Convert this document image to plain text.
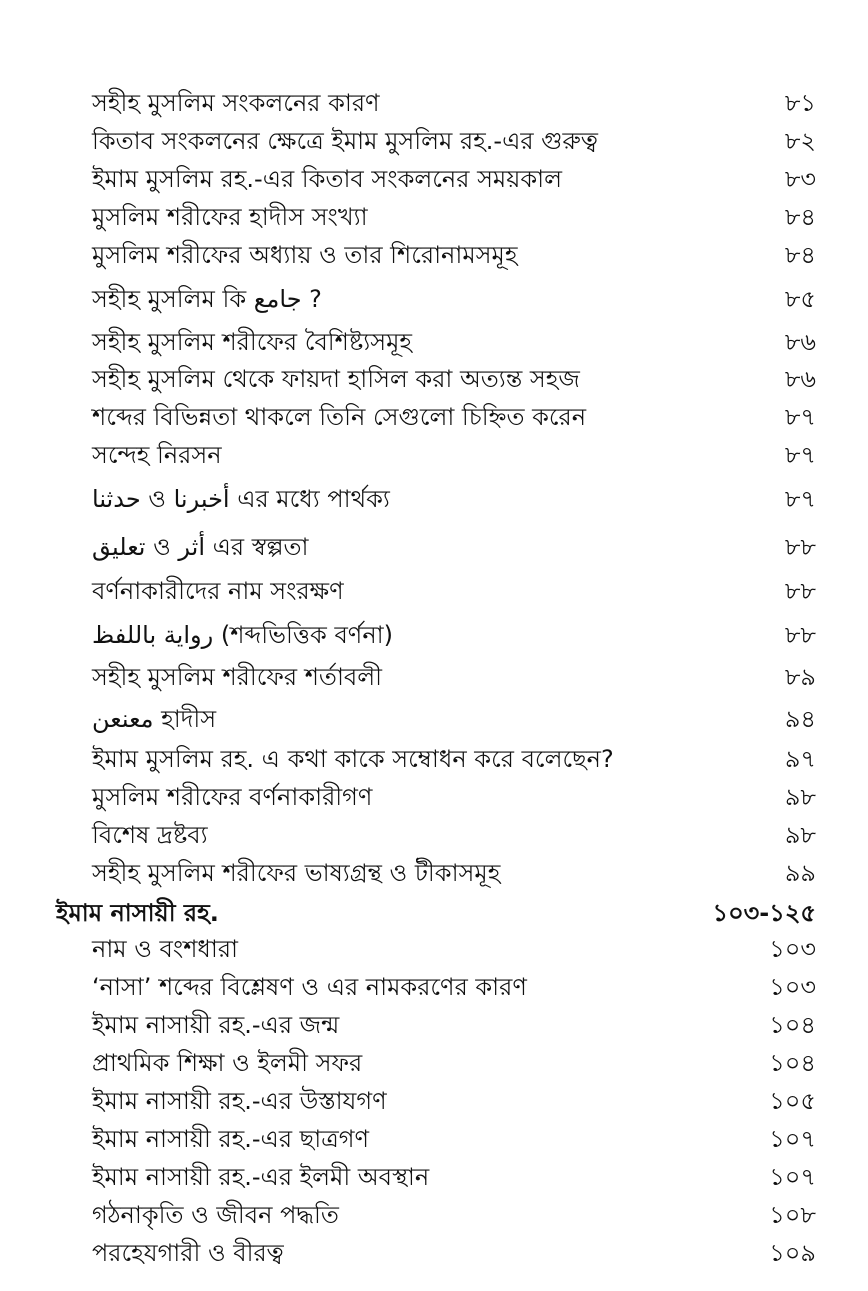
সহীহ মুসলিম সংকলনের কারণ	৮১
কিতাব সংকলনের ক্ষেত্রে ইমাম মুসলিম রহ.-এর গুরুত্ব	৮২
ইমাম মুসলিম রহ.-এর কিতাব সংকলনের সময়কাল	৮৩
মুসলিম শরীফের হাদীস সংখ্যা	৮৪
মুসলিম শরীফের অধ্যায় ও তার শিরোনামসমূহ	৮৪
সহীহ মুসলিম কি جامع ?	৮৫
সহীহ মুসলিম শরীফের বৈশিষ্ট্যসমূহ	৮৬
সহীহ মুসলিম থেকে ফায়দা হাসিল করা অত্যন্ত সহজ	৮৬
শব্দের বিভিন্নতা থাকলে তিনি সেগুলো চিহ্নিত করেন	৮৭
সন্দেহ নিরসন	৮৭
حدثنا ও أخبرنا এর মধ্যে পার্থক্য	৮৭
تعليق ও أثر এর স্বল্পতা	৮৮
বর্ণনাকারীদের নাম সংরক্ষণ	৮৮
رواية باللفظ (শব্দভিত্তিক বর্ণনা)	৮৮
সহীহ মুসলিম শরীফের শর্তাবলী	৮৯
معنعن হাদীস	৯৪
ইমাম মুসলিম রহ. এ কথা কাকে সম্বোধন করে বলেছেন?	৯৭
মুসলিম শরীফের বর্ণনাকারীগণ	৯৮
বিশেষ দ্রষ্টব্য	৯৮
সহীহ মুসলিম শরীফের ভাষ্যগ্রন্থ ও টীকাসমূহ	৯৯
ইমাম নাসায়ী রহ.	১০৩-১২৫
নাম ও বংশধারা	১০৩
‘নাসা’ শব্দের বিশ্লেষণ ও এর নামকরণের কারণ	১০৩
ইমাম নাসায়ী রহ.-এর জন্ম	১০৪
প্রাথমিক শিক্ষা ও ইলমী সফর	১০৪
ইমাম নাসায়ী রহ.-এর উস্তাযগণ	১০৫
ইমাম নাসায়ী রহ.-এর ছাত্রগণ	১০৭
ইমাম নাসায়ী রহ.-এর ইলমী অবস্থান	১০৭
গঠনাকৃতি ও জীবন পদ্ধতি	১০৮
পরহেযগারী ও বীরত্ব	১০৯
